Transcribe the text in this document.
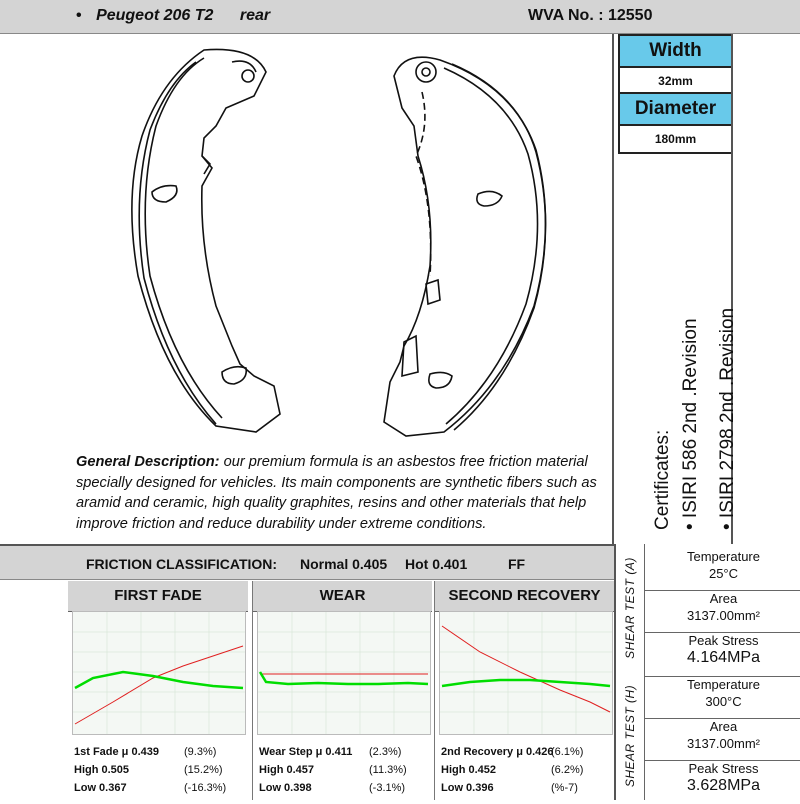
• Peugeot 206 T2 rear	WVA No. : 12550
Width
32mm
Diameter
180mm
Certificates: • ISIRI 586 2nd .Revision • ISIRI 2798 2nd .Revision
General Description: our premium formula is an asbestos free friction material specially designed for vehicles. Its main components are synthetic fibers such as aramid and ceramic, high quality graphites, resins and other materials that help improve friction and reduce durability under extreme conditions.
FRICTION CLASSIFICATION: Normal 0.405 Hot 0.401	FF
FIRST FADE
1st Fade μ 0.439 (9.3%)
High 0.505	(15.2%)
Low 0.367	(-16.3%)
WEAR
Wear Step μ 0.411 (2.3%)
High 0.457	(11.3%)
Low 0.398	(-3.1%)
SECOND RECOVERY
2nd Recovery μ 0.426
(6.1%)
High 0.452	(6.2%)
Low 0.396	(%-7)
SHEAR TEST (A)
Temperature
25°C
Area
3137.00mm²
Peak Stress
4.164MPa
SHEAR TEST (H)
Temperature
300°C
Area
3137.00mm²
Peak Stress
3.628MPa
